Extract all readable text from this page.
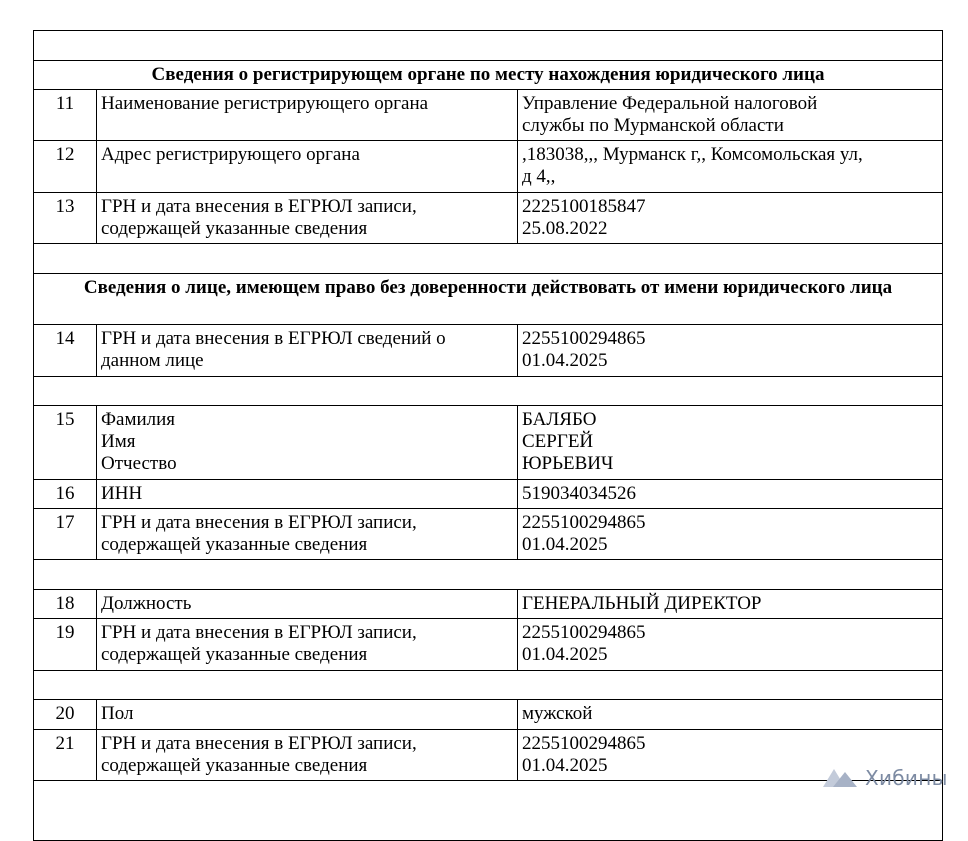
Сведения о регистрирующем органе по месту нахождения юридического лица		
11	Наименование регистрирующего органа	Управление Федеральной налоговой
службы по Мурманской области

12	Адрес регистрирующего органа	,183038,,, Мурманск г,, Комсомольская ул,
д 4,,

13	ГРН и дата внесения в ЕГРЮЛ записи,
содержащей указанные сведения	2225100185847
25.08.2022

Сведения о лице, имеющем право без доверенности действовать от имени юридического лица		

14	ГРН и дата внесения в ЕГРЮЛ сведений о
данном лице	2255100294865
01.04.2025

15	Фамилия
Имя
Отчество	БАЛЯБО
СЕРГЕЙ
ЮРЬЕВИЧ

16	ИНН	519034034526

17	ГРН и дата внесения в ЕГРЮЛ записи,
содержащей указанные сведения	2255100294865
01.04.2025

18	Должность	ГЕНЕРАЛЬНЫЙ ДИРЕКТОР

19	ГРН и дата внесения в ЕГРЮЛ записи,
содержащей указанные сведения	2255100294865
01.04.2025

20	Пол	мужской

21	ГРН и дата внесения в ЕГРЮЛ записи,
содержащей указанные сведения	2255100294865
01.04.2025

Хибины
